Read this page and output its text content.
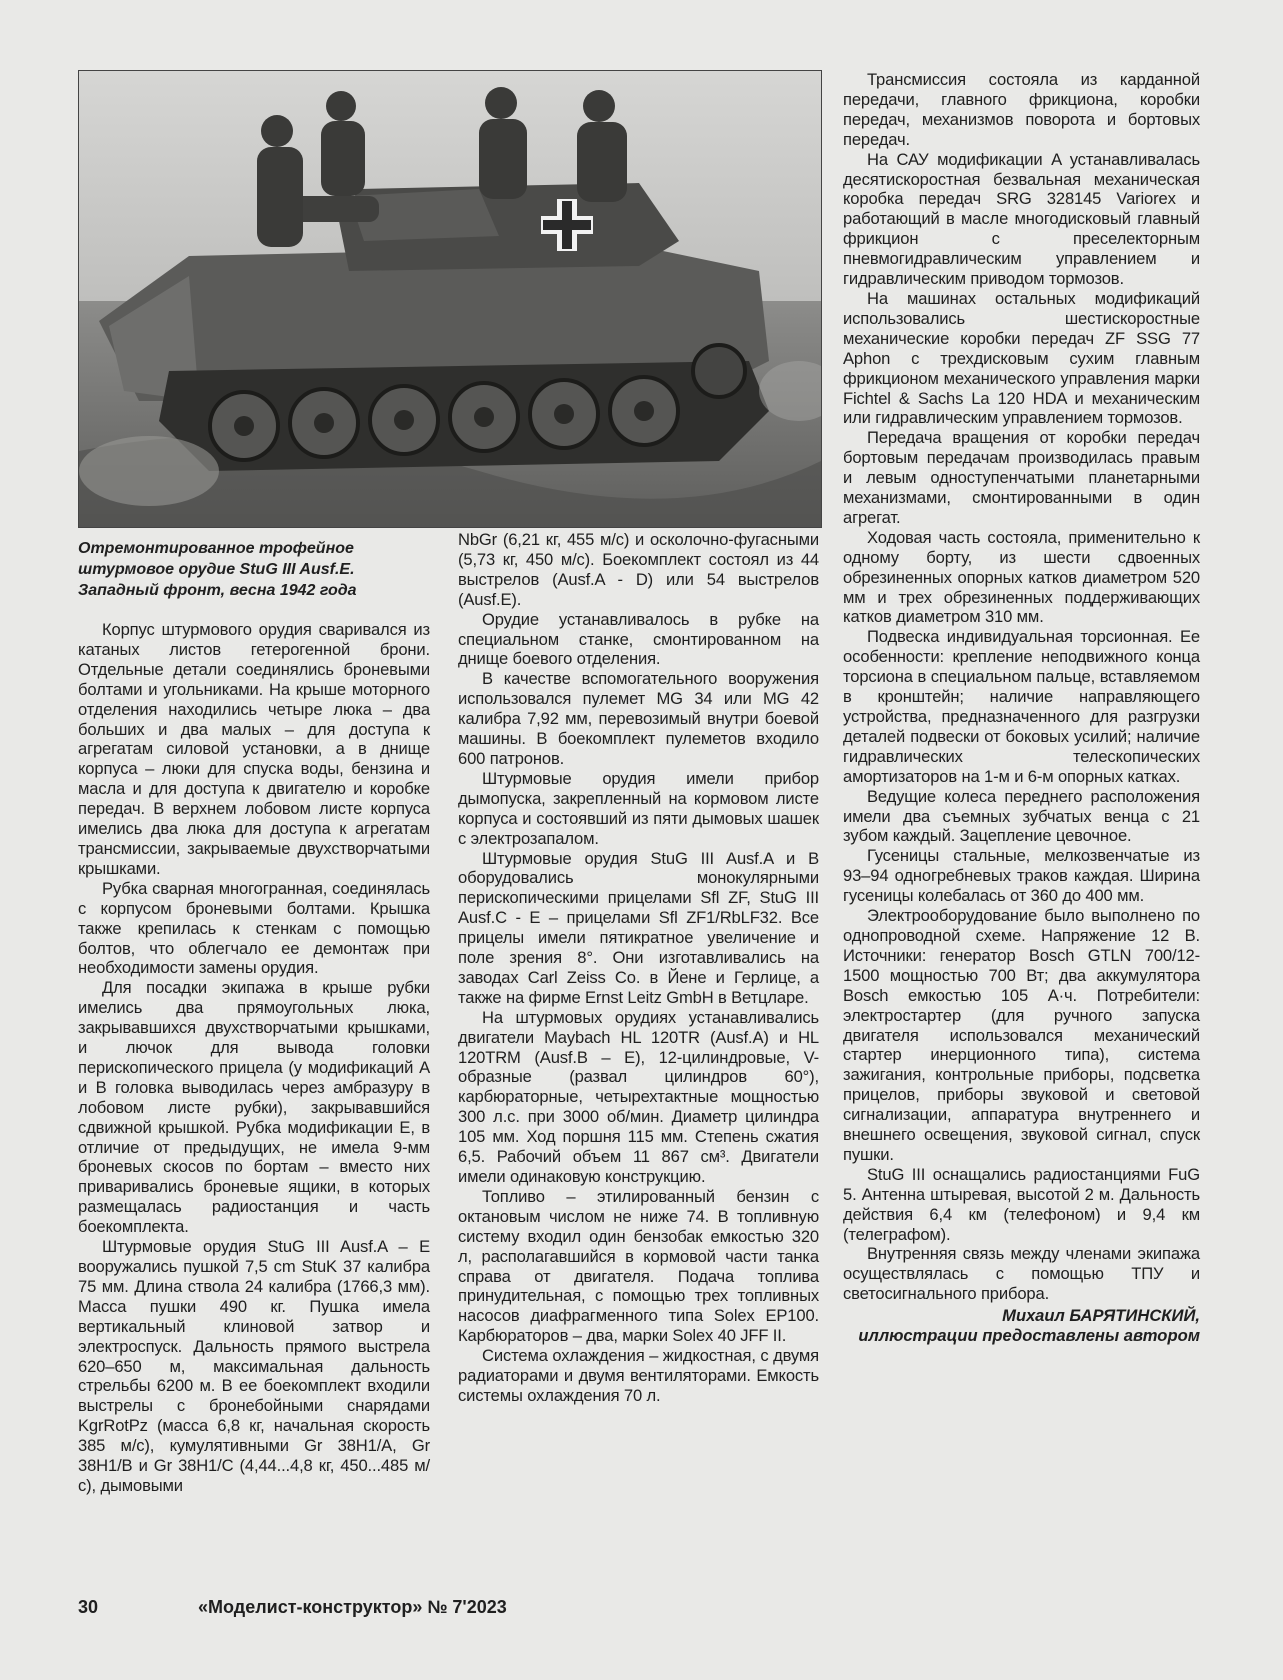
Отремонтированное трофейное штурмовое орудие StuG III Ausf.E. Западный фронт, весна 1942 года

Корпус штурмового орудия сваривался из катаных листов гетерогенной брони. Отдельные детали соединялись броневыми болтами и угольниками. На крыше моторного отделения находились четыре люка – два больших и два малых – для доступа к агрегатам силовой установки, а в днище корпуса – люки для спуска воды, бензина и масла и для доступа к двигателю и коробке передач. В верхнем лобовом листе корпуса имелись два люка для доступа к агрегатам трансмиссии, закрываемые двухстворчатыми крышками.

Рубка сварная многогранная, соединялась с корпусом броневыми болтами. Крышка также крепилась к стенкам с помощью болтов, что облегчало ее демонтаж при необходимости замены орудия.

Для посадки экипажа в крыше рубки имелись два прямоугольных люка, закрывавшихся двухстворчатыми крышками, и лючок для вывода головки перископического прицела (у модификаций A и B головка выводилась через амбразуру в лобовом листе рубки), закрывавшийся сдвижной крышкой. Рубка модификации E, в отличие от предыдущих, не имела 9-мм броневых скосов по бортам – вместо них приваривались броневые ящики, в которых размещалась радиостанция и часть боекомплекта.

Штурмовые орудия StuG III Ausf.A – E вооружались пушкой 7,5 cm StuK 37 калибра 75 мм. Длина ствола 24 калибра (1766,3 мм). Масса пушки 490 кг. Пушка имела вертикальный клиновой затвор и электроспуск. Дальность прямого выстрела 620–650 м, максимальная дальность стрельбы 6200 м. В ее боекомплект входили выстрелы с бронебойными снарядами KgrRotPz (масса 6,8 кг, начальная скорость 385 м/с), кумулятивными Gr 38H1/A, Gr 38H1/B и Gr 38H1/C (4,44...4,8 кг, 450...485 м/с), дымовыми

NbGr (6,21 кг, 455 м/с) и осколочно-фугасными (5,73 кг, 450 м/с). Боекомплект состоял из 44 выстрелов (Ausf.A - D) или 54 выстрелов (Ausf.E).

Орудие устанавливалось в рубке на специальном станке, смонтированном на днище боевого отделения.

В качестве вспомогательного вооружения использовался пулемет MG 34 или MG 42 калибра 7,92 мм, перевозимый внутри боевой машины. В боекомплект пулеметов входило 600 патронов.

Штурмовые орудия имели прибор дымопуска, закрепленный на кормовом листе корпуса и состоявший из пяти дымовых шашек с электрозапалом.

Штурмовые орудия StuG III Ausf.A и B оборудовались монокулярными перископическими прицелами Sfl ZF, StuG III Ausf.C - E – прицелами Sfl ZF1/RbLF32. Все прицелы имели пятикратное увеличение и поле зрения 8°. Они изготавливались на заводах Carl Zeiss Co. в Йене и Герлице, а также на фирме Ernst Leitz GmbH в Ветцларе.

На штурмовых орудиях устанавливались двигатели Maybach HL 120TR (Ausf.A) и HL 120TRM (Ausf.B – E), 12-цилиндровые, V-образные (развал цилиндров 60°), карбюраторные, четырехтактные мощностью 300 л.с. при 3000 об/мин. Диаметр цилиндра 105 мм. Ход поршня 115 мм. Степень сжатия 6,5. Рабочий объем 11 867 см³. Двигатели имели одинаковую конструкцию.

Топливо – этилированный бензин с октановым числом не ниже 74. В топливную систему входил один бензобак емкостью 320 л, располагавшийся в кормовой части танка справа от двигателя. Подача топлива принудительная, с помощью трех топливных насосов диафрагменного типа Solex EP100. Карбюраторов – два, марки Solex 40 JFF II.

Система охлаждения – жидкостная, с двумя радиаторами и двумя вентиляторами. Емкость системы охлаждения 70 л.

Трансмиссия состояла из карданной передачи, главного фрикциона, коробки передач, механизмов поворота и бортовых передач.

На САУ модификации A устанавливалась десятискоростная безвальная механическая коробка передач SRG 328145 Variorex и работающий в масле многодисковый главный фрикцион с преселекторным пневмогидравлическим управлением и гидравлическим приводом тормозов.

На машинах остальных модификаций использовались шестискоростные механические коробки передач ZF SSG 77 Aphon с трехдисковым сухим главным фрикционом механического управления марки Fichtel & Sachs La 120 HDA и механическим или гидравлическим управлением тормозов.

Передача вращения от коробки передач бортовым передачам производилась правым и левым одноступенчатыми планетарными механизмами, смонтированными в один агрегат.

Ходовая часть состояла, применительно к одному борту, из шести сдвоенных обрезиненных опорных катков диаметром 520 мм и трех обрезиненных поддерживающих катков диаметром 310 мм.

Подвеска индивидуальная торсионная. Ее особенности: крепление неподвижного конца торсиона в специальном пальце, вставляемом в кронштейн; наличие направляющего устройства, предназначенного для разгрузки деталей подвески от боковых усилий; наличие гидравлических телескопических амортизаторов на 1-м и 6-м опорных катках.

Ведущие колеса переднего расположения имели два съемных зубчатых венца с 21 зубом каждый. Зацепление цевочное.

Гусеницы стальные, мелкозвенчатые из 93–94 одногребневых траков каждая. Ширина гусеницы колебалась от 360 до 400 мм.

Электрооборудование было выполнено по однопроводной схеме. Напряжение 12 В. Источники: генератор Bosch GTLN 700/12-1500 мощностью 700 Вт; два аккумулятора Bosch емкостью 105 А·ч. Потребители: электростартер (для ручного запуска двигателя использовался механический стартер инерционного типа), система зажигания, контрольные приборы, подсветка прицелов, приборы звуковой и световой сигнализации, аппаратура внутреннего и внешнего освещения, звуковой сигнал, спуск пушки.

StuG III оснащались радиостанциями FuG 5. Антенна штыревая, высотой 2 м. Дальность действия 6,4 км (телефоном) и 9,4 км (телеграфом).

Внутренняя связь между членами экипажа осуществлялась с помощью ТПУ и светосигнального прибора.

Михаил БАРЯТИНСКИЙ,
иллюстрации предоставлены автором
30	«Моделист-конструктор» № 7'2023
